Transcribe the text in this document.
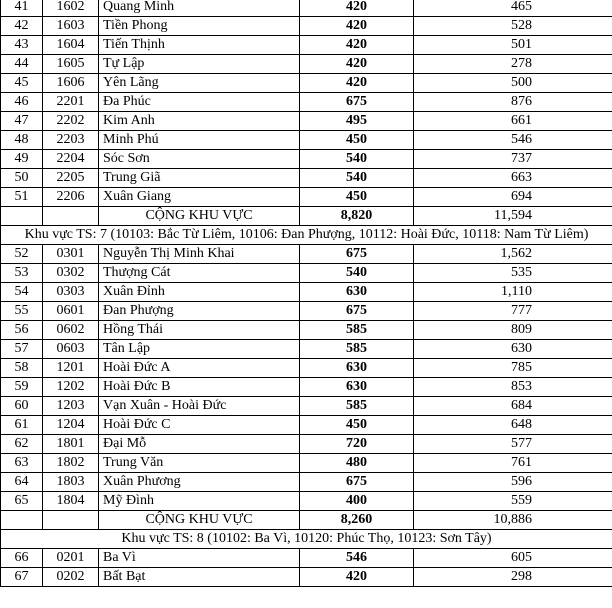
41	1602	Quang Minh	420	465
42	1603	Tiền Phong	420	528
43	1604	Tiến Thịnh	420	501
44	1605	Tự Lập	420	278
45	1606	Yên Lãng	420	500
46	2201	Đa Phúc	675	876
47	2202	Kim Anh	495	661
48	2203	Minh Phú	450	546
49	2204	Sóc Sơn	540	737
50	2205	Trung Giã	540	663
51	2206	Xuân Giang	450	694
		CỘNG KHU VỰC	8,820	11,594
Khu vực TS: 7 (10103: Bắc Từ Liêm, 10106: Đan Phượng, 10112: Hoài Đức, 10118: Nam Từ Liêm)				
52	0301	Nguyễn Thị Minh Khai	675	1,562
53	0302	Thượng Cát	540	535
54	0303	Xuân Đỉnh	630	1,110
55	0601	Đan Phượng	675	777
56	0602	Hồng Thái	585	809
57	0603	Tân Lập	585	630
58	1201	Hoài Đức A	630	785
59	1202	Hoài Đức B	630	853
60	1203	Vạn Xuân - Hoài Đức	585	684
61	1204	Hoài Đức C	450	648
62	1801	Đại Mỗ	720	577
63	1802	Trung Văn	480	761
64	1803	Xuân Phương	675	596
65	1804	Mỹ Đình	400	559
		CỘNG KHU VỰC	8,260	10,886
Khu vực TS: 8 (10102: Ba Vì, 10120: Phúc Thọ, 10123: Sơn Tây)				
66	0201	Ba Vì	546	605
67	0202	Bất Bạt	420	298
